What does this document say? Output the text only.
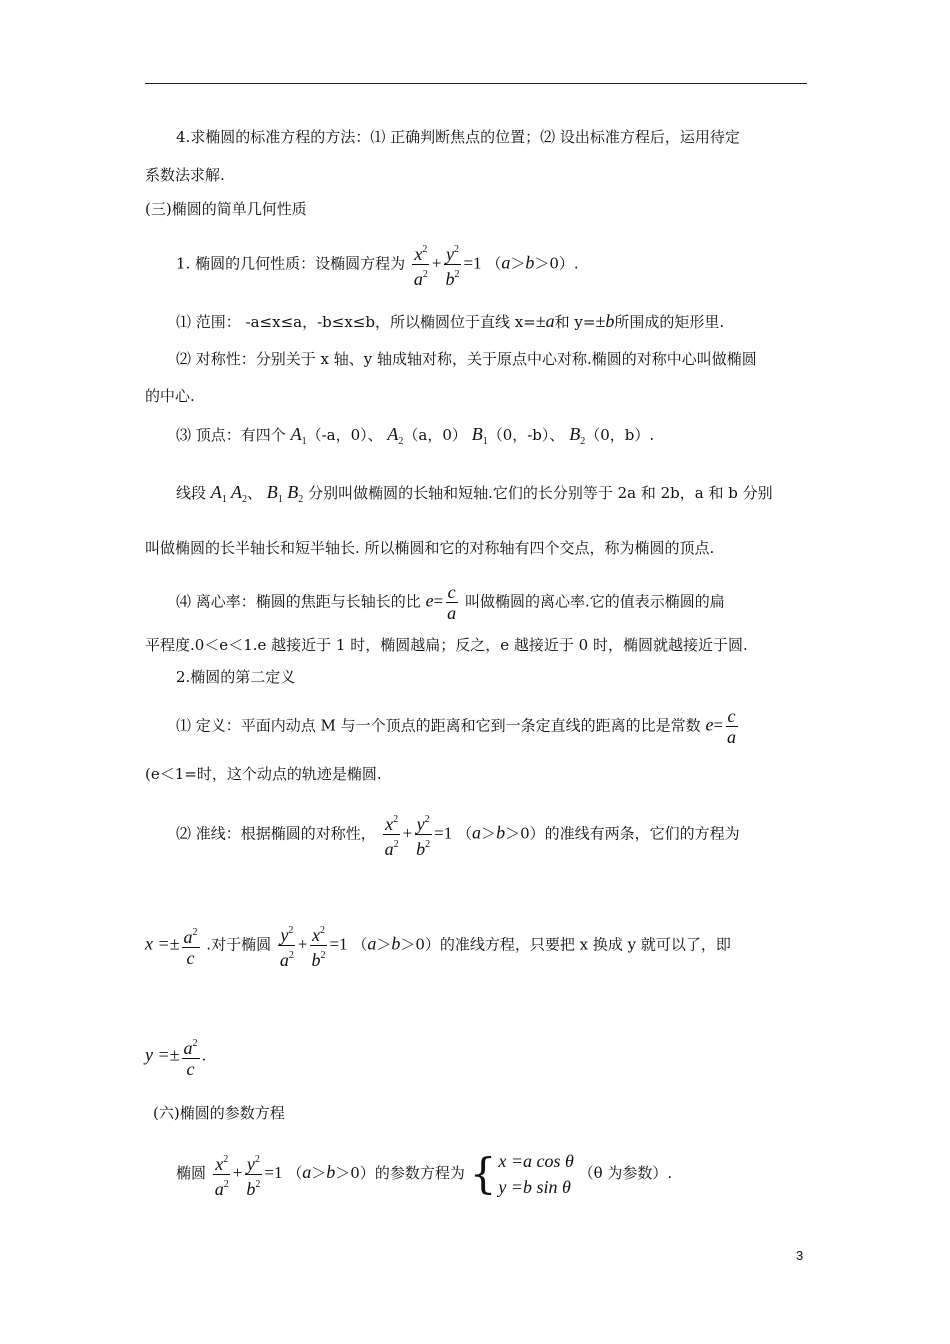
4.求椭圆的标准方程的方法：⑴ 正确判断焦点的位置；⑵ 设出标准方程后，运用待定
系数法求解.
(三)椭圆的简单几何性质
1. 椭圆的几何性质：设椭圆方程为 $\frac{x^2}{a^2} + \frac{y^2}{b^2} =1$ （a＞b＞0）.
⑴ 范围： -a≤x≤a，-b≤x≤b，所以椭圆位于直线 x=±a和 y=±b所围成的矩形里.
⑵ 对称性：分别关于 x 轴、y 轴成轴对称，关于原点中心对称.椭圆的对称中心叫做椭圆
的中心.
⑶ 顶点：有四个 $A_1(-a$，0）、 $A_2(a$，0） $B_1(0$，-b）、 $B_2(0$，b）.
线段 $A_1$ $A_2$、 $B_1$ $B_2$ 分别叫做椭圆的长轴和短轴.它们的长分别等于 2a 和 2b，a 和 b 分别
叫做椭圆的长半轴长和短半轴长. 所以椭圆和它的对称轴有四个交点，称为椭圆的顶点.
⑷ 离心率：椭圆的焦距与长轴长的比 $e= \frac{c}{a}$ 叫做椭圆的离心率.它的值表示椭圆的扁
平程度.0＜e＜1.e 越接近于 1 时，椭圆越扁；反之，e 越接近于 0 时，椭圆就越接近于圆.
2.椭圆的第二定义
⑴ 定义：平面内动点 M 与一个顶点的距离和它到一条定直线的距离的比是常数 $e= \frac{c}{a}$
(e＜1=时，这个动点的轨迹是椭圆.
⑵ 准线：根据椭圆的对称性， $\frac{x^2}{a^2} + \frac{y^2}{b^2} =1$ （a＞b＞0）的准线有两条，它们的方程为
$x =\pm \frac{a^2}{c}$ .对于椭圆 $\frac{y^2}{a^2} + \frac{x^2}{b^2} =1$ （a＞b＞0）的准线方程，只要把 x 换成 y 就可以了，即
$y =\pm \frac{a^2}{c}$ .
(六)椭圆的参数方程
椭圆 $\frac{x^2}{a^2} + \frac{y^2}{b^2} =1$ （a＞b＞0）的参数方程为 { x =a cos θ
y =b sin θ
（θ 为参数）.
3
